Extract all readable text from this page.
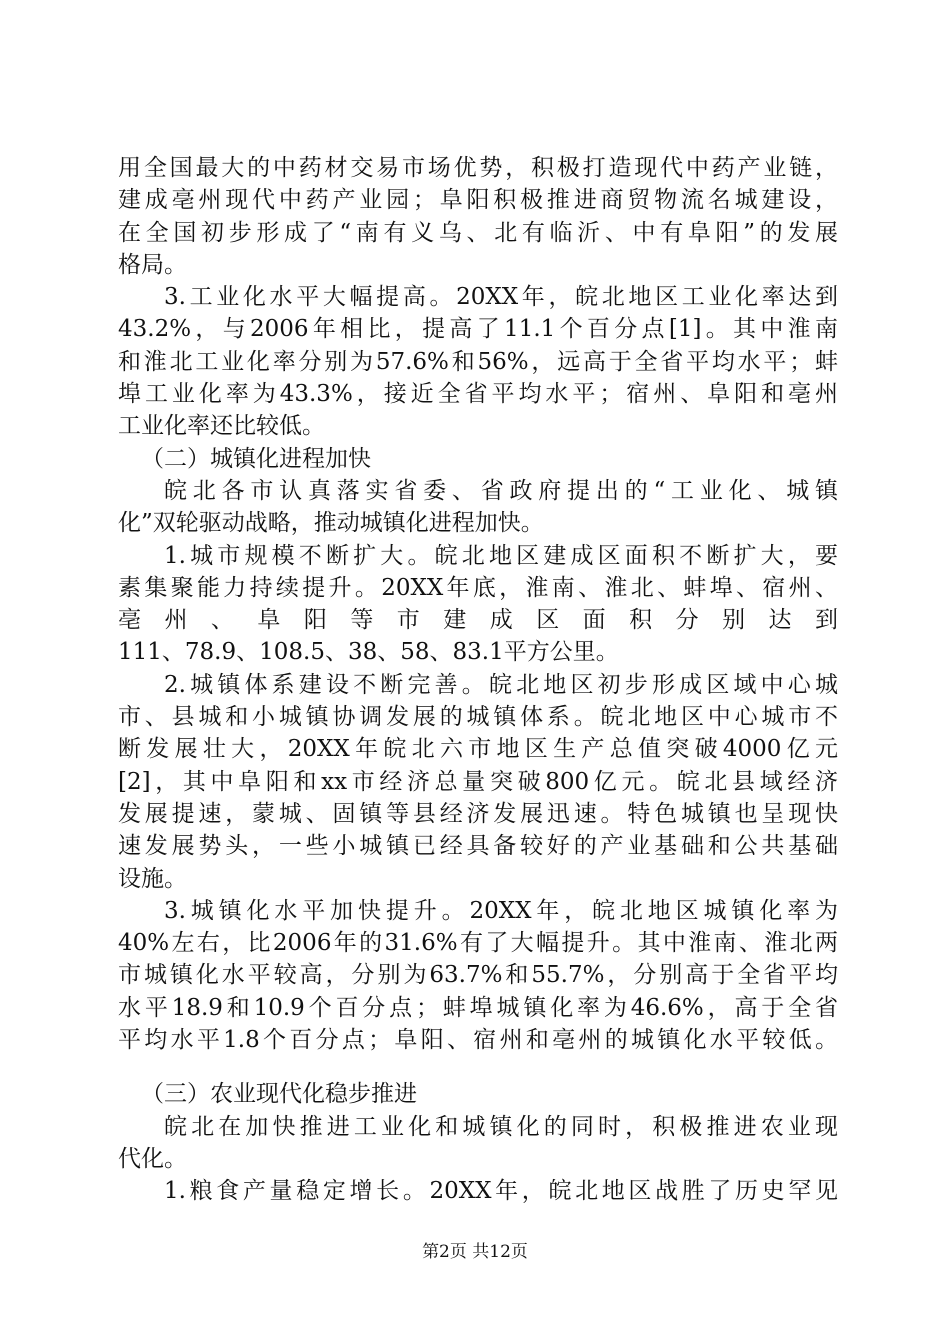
用全国最大的中药材交易市场优势，积极打造现代中药产业链，
建成亳州现代中药产业园；阜阳积极推进商贸物流名城建设，
在全国初步形成了“南有义乌、北有临沂、中有阜阳”的发展
格局。
3.工业化水平大幅提高。20XX年，皖北地区工业化率达到
43.2%，与2006年相比，提高了11.1个百分点[1]。其中淮南
和淮北工业化率分别为57.6%和56%，远高于全省平均水平；蚌
埠工业化率为43.3%，接近全省平均水平；宿州、阜阳和亳州
工业化率还比较低。
（二）城镇化进程加快
皖北各市认真落实省委、省政府提出的“工业化、城镇
化”双轮驱动战略，推动城镇化进程加快。
1.城市规模不断扩大。皖北地区建成区面积不断扩大，要
素集聚能力持续提升。20XX年底，淮南、淮北、蚌埠、宿州、
亳州、阜阳等市建成区面积分别达到
111、78.9、108.5、38、58、83.1平方公里。
2.城镇体系建设不断完善。皖北地区初步形成区域中心城
市、县城和小城镇协调发展的城镇体系。皖北地区中心城市不
断发展壮大，20XX年皖北六市地区生产总值突破4000亿元
[2]，其中阜阳和xx市经济总量突破800亿元。皖北县域经济
发展提速，蒙城、固镇等县经济发展迅速。特色城镇也呈现快
速发展势头，一些小城镇已经具备较好的产业基础和公共基础
设施。
3.城镇化水平加快提升。20XX年，皖北地区城镇化率为
40%左右，比2006年的31.6%有了大幅提升。其中淮南、淮北两
市城镇化水平较高，分别为63.7%和55.7%，分别高于全省平均
水平18.9和10.9个百分点；蚌埠城镇化率为46.6%，高于全省
平均水平1.8个百分点；阜阳、宿州和亳州的城镇化水平较低。
（三）农业现代化稳步推进
皖北在加快推进工业化和城镇化的同时，积极推进农业现
代化。
1.粮食产量稳定增长。20XX年，皖北地区战胜了历史罕见
第2页 共12页
